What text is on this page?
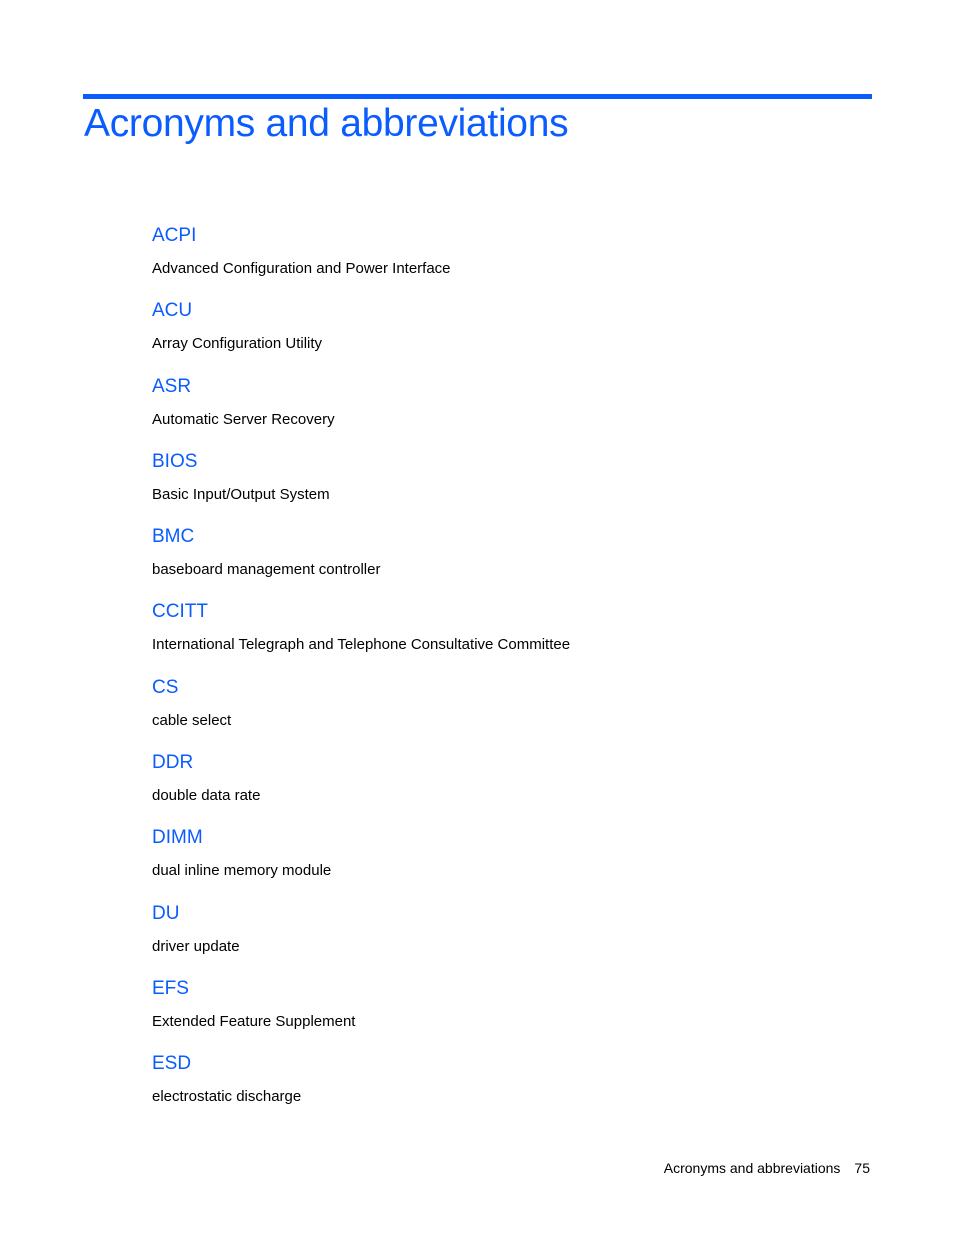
Acronyms and abbreviations
ACPI
Advanced Configuration and Power Interface
ACU
Array Configuration Utility
ASR
Automatic Server Recovery
BIOS
Basic Input/Output System
BMC
baseboard management controller
CCITT
International Telegraph and Telephone Consultative Committee
CS
cable select
DDR
double data rate
DIMM
dual inline memory module
DU
driver update
EFS
Extended Feature Supplement
ESD
electrostatic discharge
Acronyms and abbreviations 75
